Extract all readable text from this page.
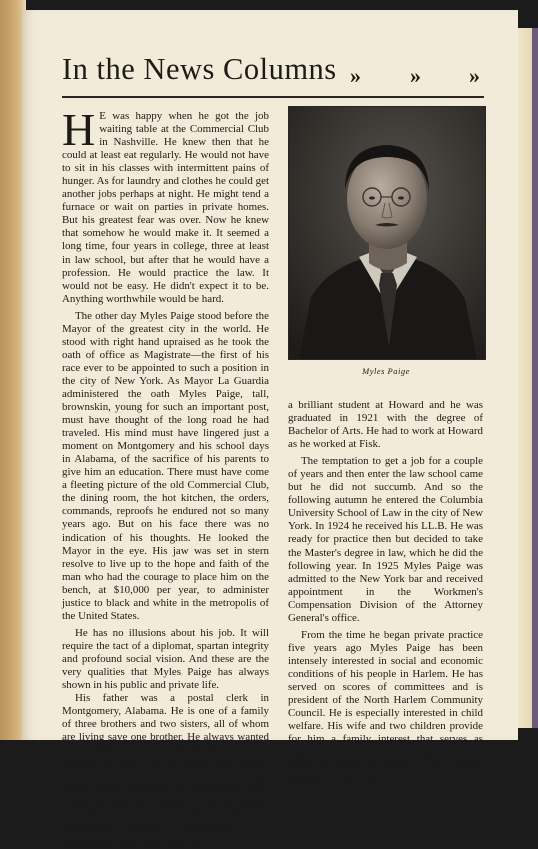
In the News Columns » » »

H E was happy when he got the job waiting table at the Commercial Club in Nashville. He knew then that he could at least eat regularly. He would not have to sit in his classes with intermittent pains of hunger. As for laundry and clothes he could get another jobs perhaps at night. He might tend a furnace or wait on parties in private homes. But his greatest fear was over. Now he knew that somehow he would make it. It seemed a long time, four years in college, three at least in law school, but after that he would have a profession. He would practice the law. It would not be easy. He didn't expect it to be. Anything worthwhile would be hard.

The other day Myles Paige stood before the Mayor of the greatest city in the world. He stood with right hand upraised as he took the oath of office as Magistrate—the first of his race ever to be appointed to such a position in the city of New York. As Mayor La Guardia administered the oath Myles Paige, tall, brownskin, young for such an important post, must have thought of the long road he had traveled. His mind must have lingered just a moment on Montgomery and his school days in Alabama, of the sacrifice of his parents to give him an education. There must have come a fleeting picture of the old Commercial Club, the dining room, the hot kitchen, the orders, commands, reproofs he endured not so many years ago. But on his face there was no indication of his thoughts. He looked the Mayor in the eye. His jaw was set in stern resolve to live up to the hope and faith of the man who had the courage to place him on the bench, at $10,000 per year, to administer justice to black and white in the metropolis of the United States.

He has no illusions about his job. It will require the tact of a diplomat, spartan integrity and profound social vision. And these are the very qualities that Myles Paige has always shown in his public and private life.

His father was a postal clerk in Montgomery, Alabama. He is one of a family of three brothers and two sisters, all of whom are living save one brother. He always wanted to be a lawyer. As a boy he resolved to go to college and study law. He barely had enough money to enter Fisk the year he finished high school. But he decided to go and work his way. Others had done it, so could he. He only stayed at Fisk a year and a half and then he transferred to Howard in Washington, D. C. The records show that Paige was

Myles Paige

a brilliant student at Howard and he was graduated in 1921 with the degree of Bachelor of Arts. He had to work at Howard as he worked at Fisk.

The temptation to get a job for a couple of years and then enter the law school came but he did not succumb. And so the following autumn he entered the Columbia University School of Law in the city of New York. In 1924 he received his LL.B. He was ready for practice then but decided to take the Master's degree in law, which he did the following year. In 1925 Myles Paige was admitted to the New York bar and received appointment in the Workmen's Compensation Division of the Attorney General's office.

From the time he began private practice five years ago Myles Paige has been intensely interested in social and economic conditions of his people in Harlem. He has served on scores of committees and is president of the North Harlem Community Council. He is especially interested in child welfare. His wife and two children provide for him a family interest that serves as inspiration for his unremitting efforts to better the living conditions of the colored citizens of New York.

E. A. C.
